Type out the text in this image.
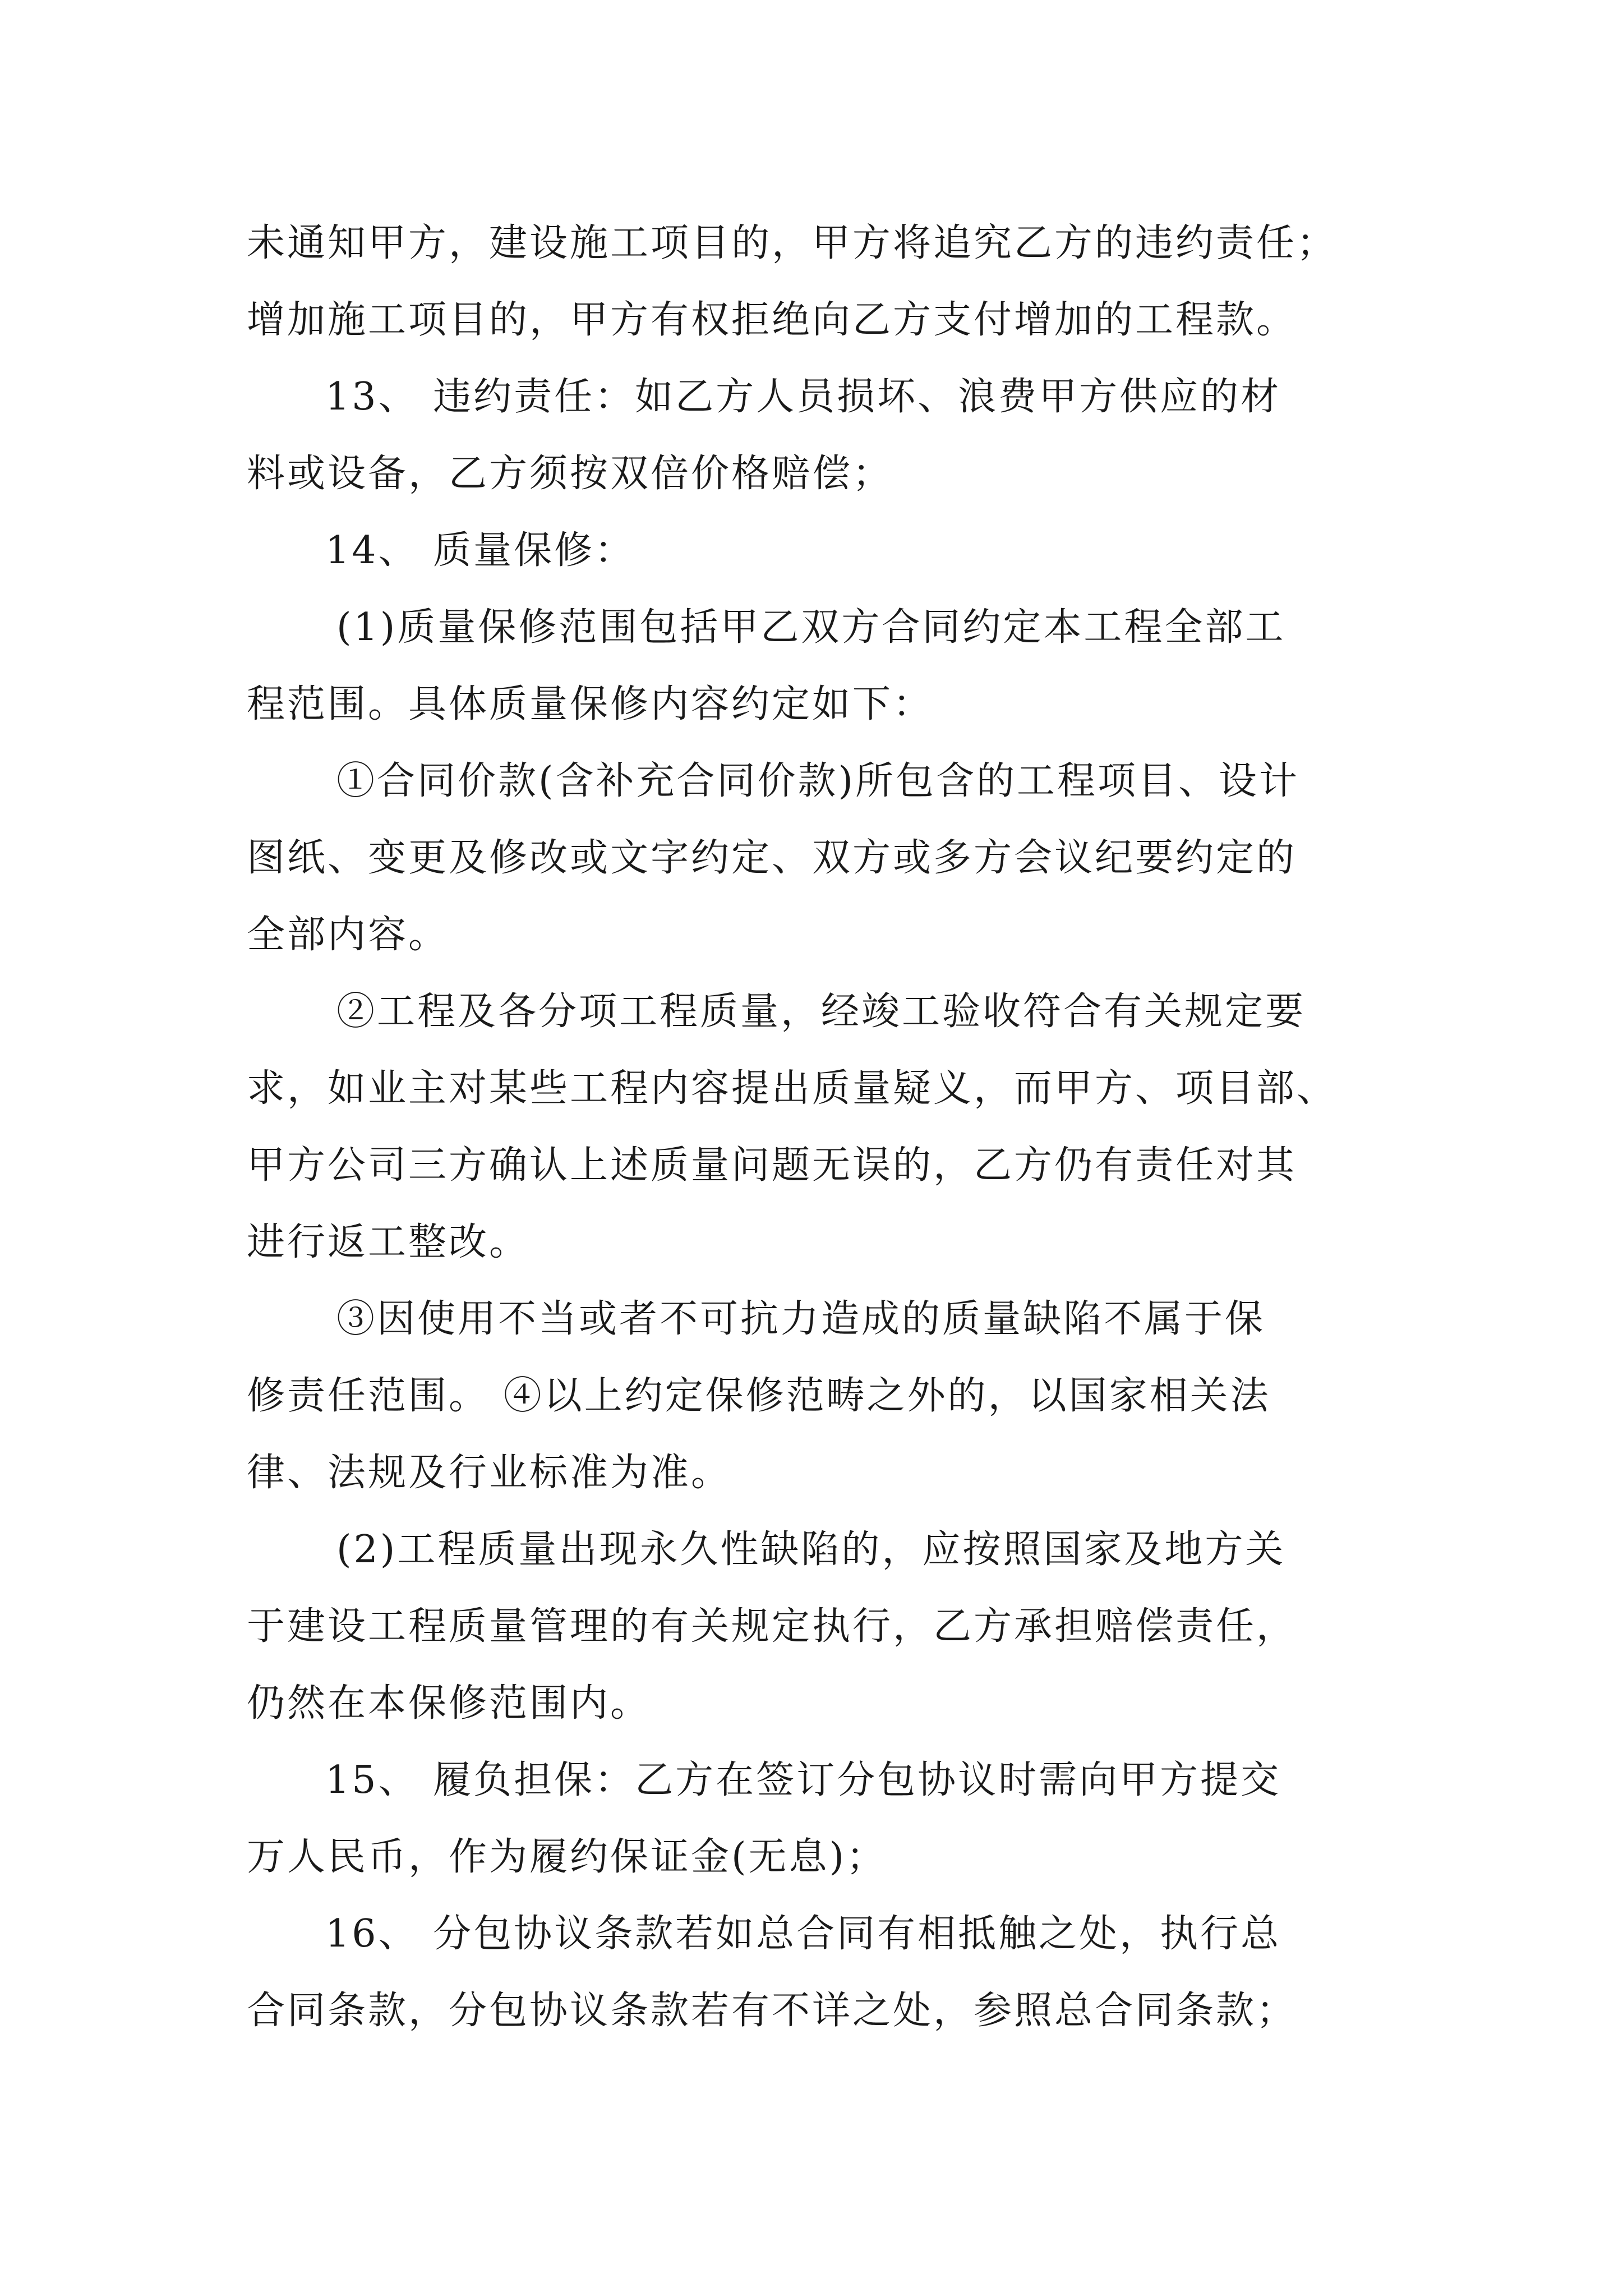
未通知甲方，建设施工项目的，甲方将追究乙方的违约责任；
增加施工项目的，甲方有权拒绝向乙方支付增加的工程款。
13、 违约责任：如乙方人员损坏、浪费甲方供应的材
料或设备，乙方须按双倍价格赔偿；
14、 质量保修：
(1)质量保修范围包括甲乙双方合同约定本工程全部工
程范围。具体质量保修内容约定如下：
①合同价款(含补充合同价款)所包含的工程项目、设计
图纸、变更及修改或文字约定、双方或多方会议纪要约定的
全部内容。
②工程及各分项工程质量，经竣工验收符合有关规定要
求，如业主对某些工程内容提出质量疑义，而甲方、项目部、
甲方公司三方确认上述质量问题无误的，乙方仍有责任对其
进行返工整改。
③因使用不当或者不可抗力造成的质量缺陷不属于保
修责任范围。 ④以上约定保修范畴之外的，以国家相关法
律、法规及行业标准为准。
(2)工程质量出现永久性缺陷的，应按照国家及地方关
于建设工程质量管理的有关规定执行，乙方承担赔偿责任，
仍然在本保修范围内。
15、 履负担保：乙方在签订分包协议时需向甲方提交
万人民币，作为履约保证金(无息)；
16、 分包协议条款若如总合同有相抵触之处，执行总
合同条款，分包协议条款若有不详之处，参照总合同条款；
